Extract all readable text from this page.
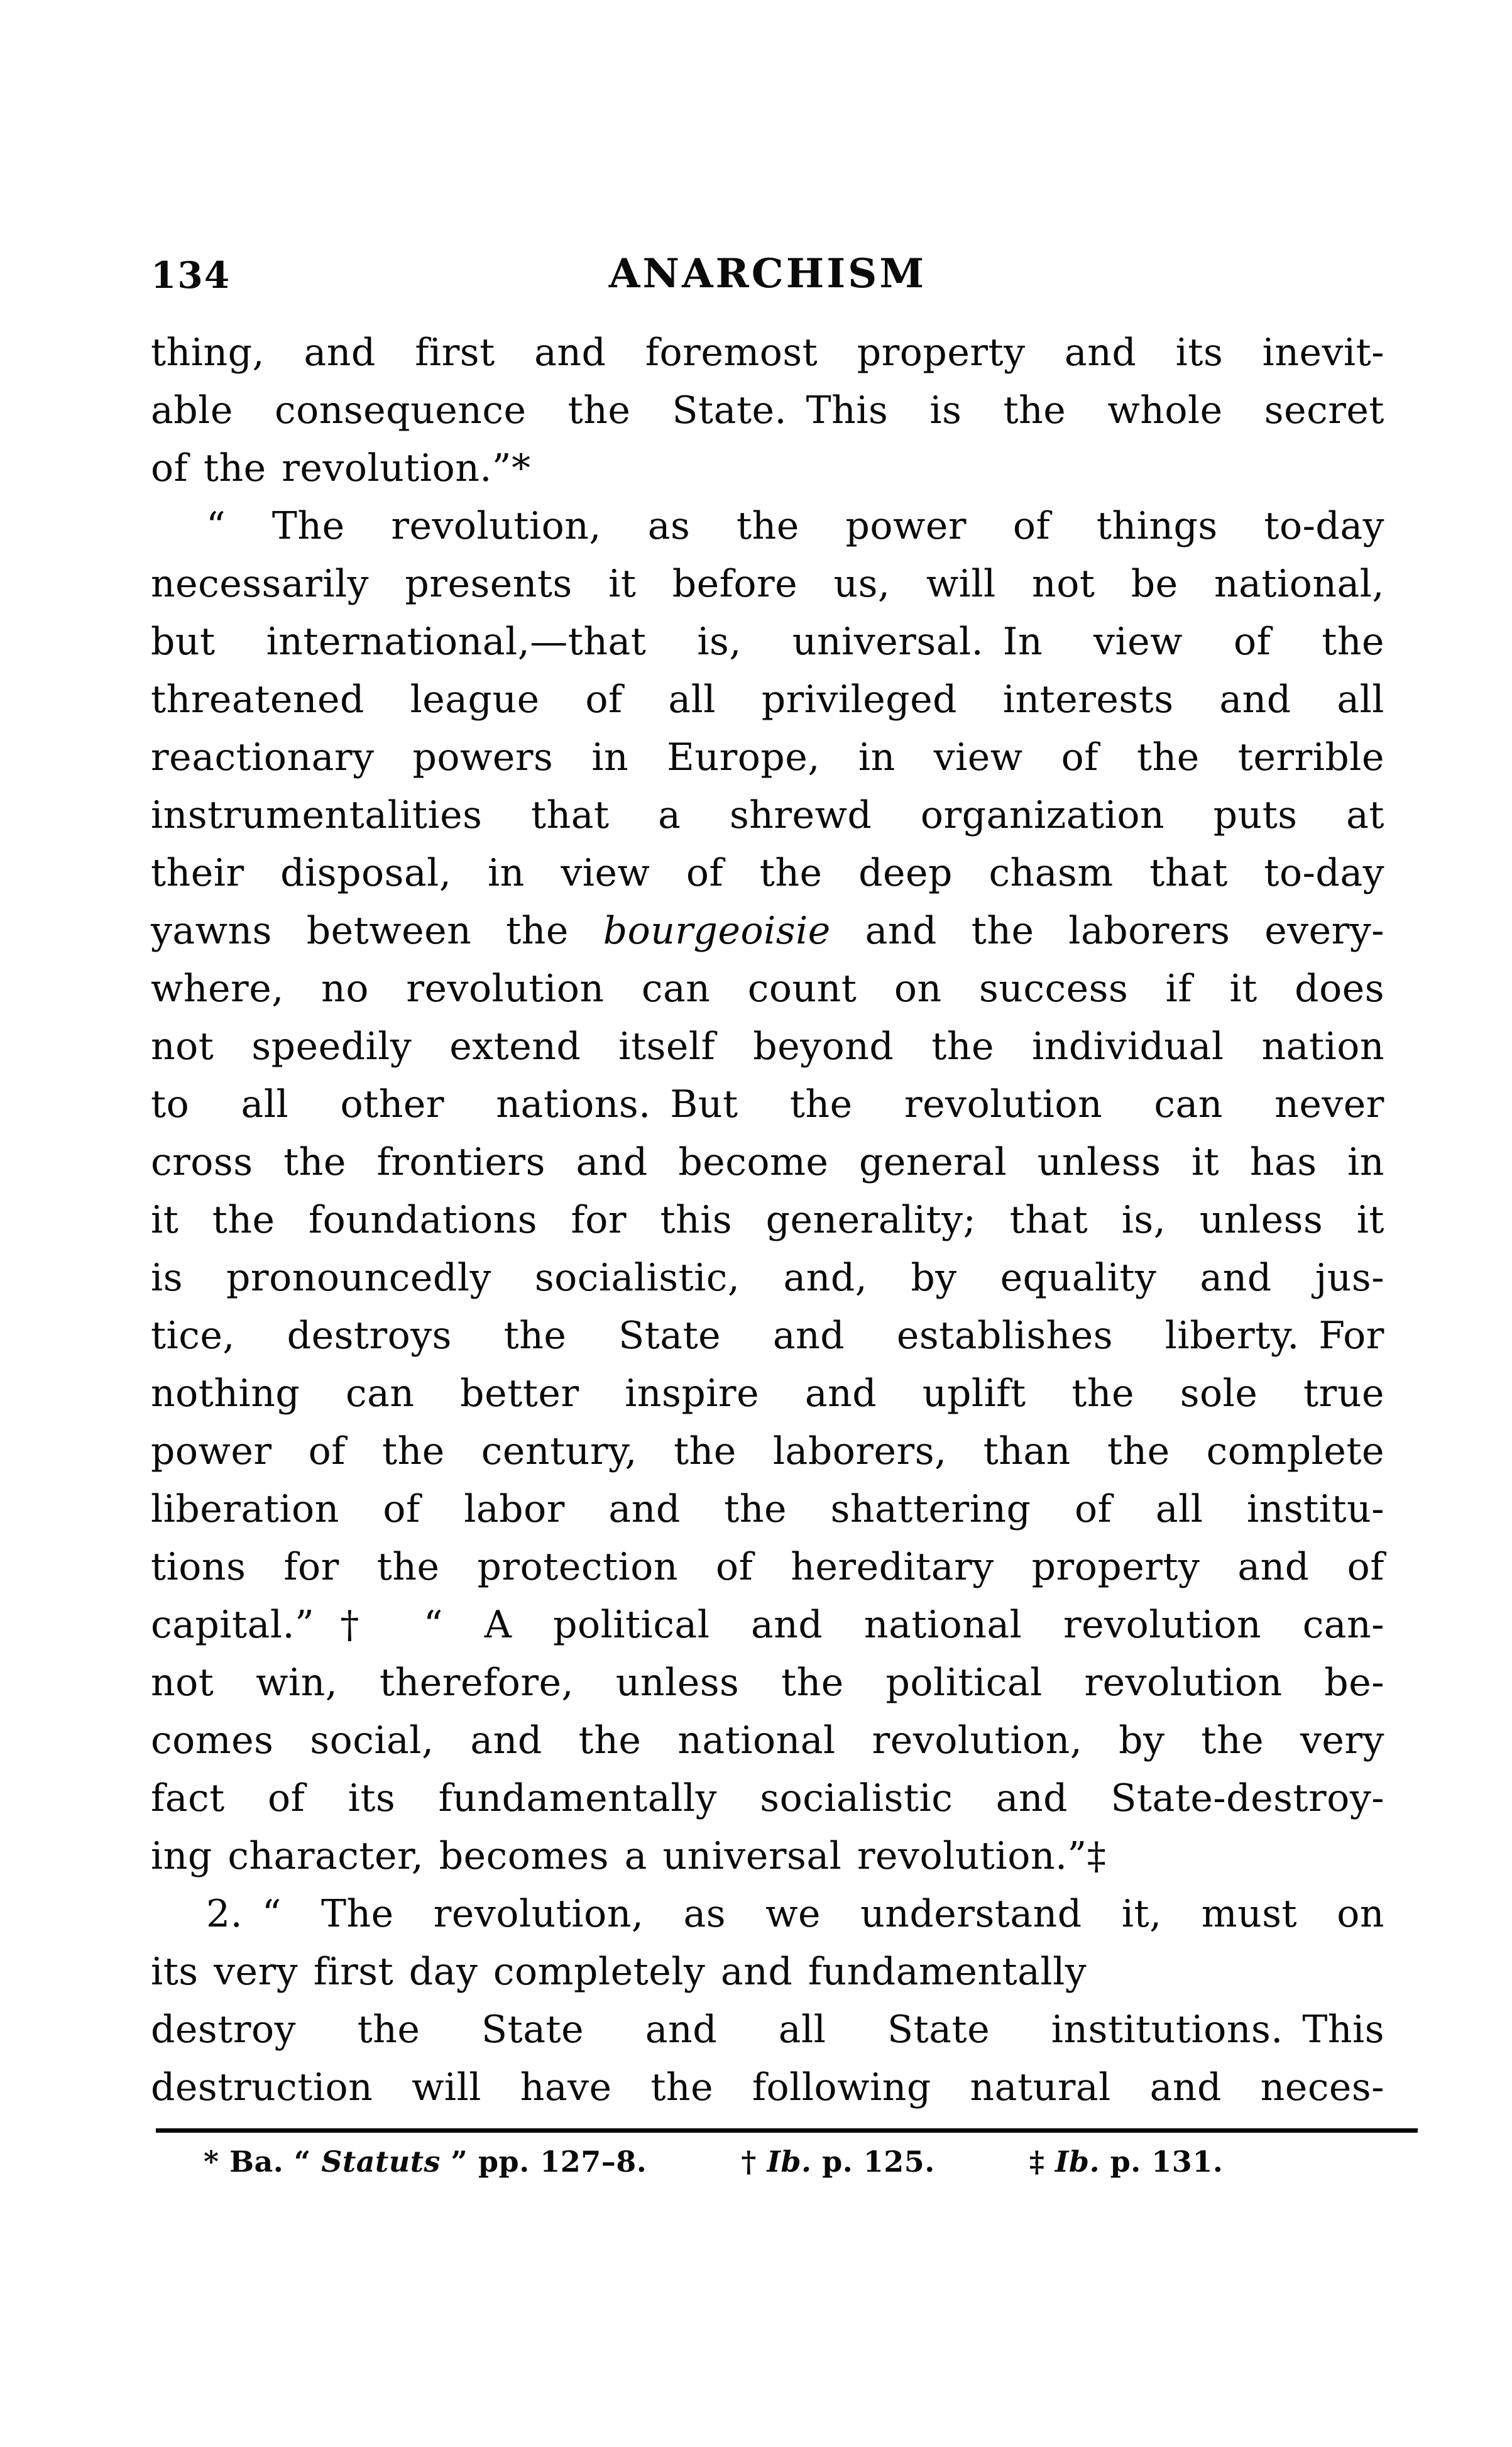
134	ANARCHISM
thing, and first and foremost property and its inevit-
able consequence the State. This is the whole secret
of the revolution.”*
“ The revolution, as the power of things to-day
necessarily presents it before us, will not be national,
but international,—that is, universal. In view of the
threatened league of all privileged interests and all
reactionary powers in Europe, in view of the terrible
instrumentalities that a shrewd organization puts at
their disposal, in view of the deep chasm that to-day
yawns between the bourgeoisie and the laborers every-
where, no revolution can count on success if it does
not speedily extend itself beyond the individual nation
to all other nations. But the revolution can never
cross the frontiers and become general unless it has in
it the foundations for this generality; that is, unless it
is pronouncedly socialistic, and, by equality and jus-
tice, destroys the State and establishes liberty. For
nothing can better inspire and uplift the sole true
power of the century, the laborers, than the complete
liberation of labor and the shattering of all institu-
tions for the protection of hereditary property and of
capital.”†  “ A political and national revolution can-
not win, therefore, unless the political revolution be-
comes social, and the national revolution, by the very
fact of its fundamentally socialistic and State-destroy-
ing character, becomes a universal revolution.”‡
2. “ The revolution, as we understand it, must on
its very first day completely and fundamentally
destroy the State and all State institutions. This
destruction will have the following natural and neces-
* Ba. “ Statuts ” pp. 127–8.	† Ib. p. 125.	‡ Ib. p. 131.
